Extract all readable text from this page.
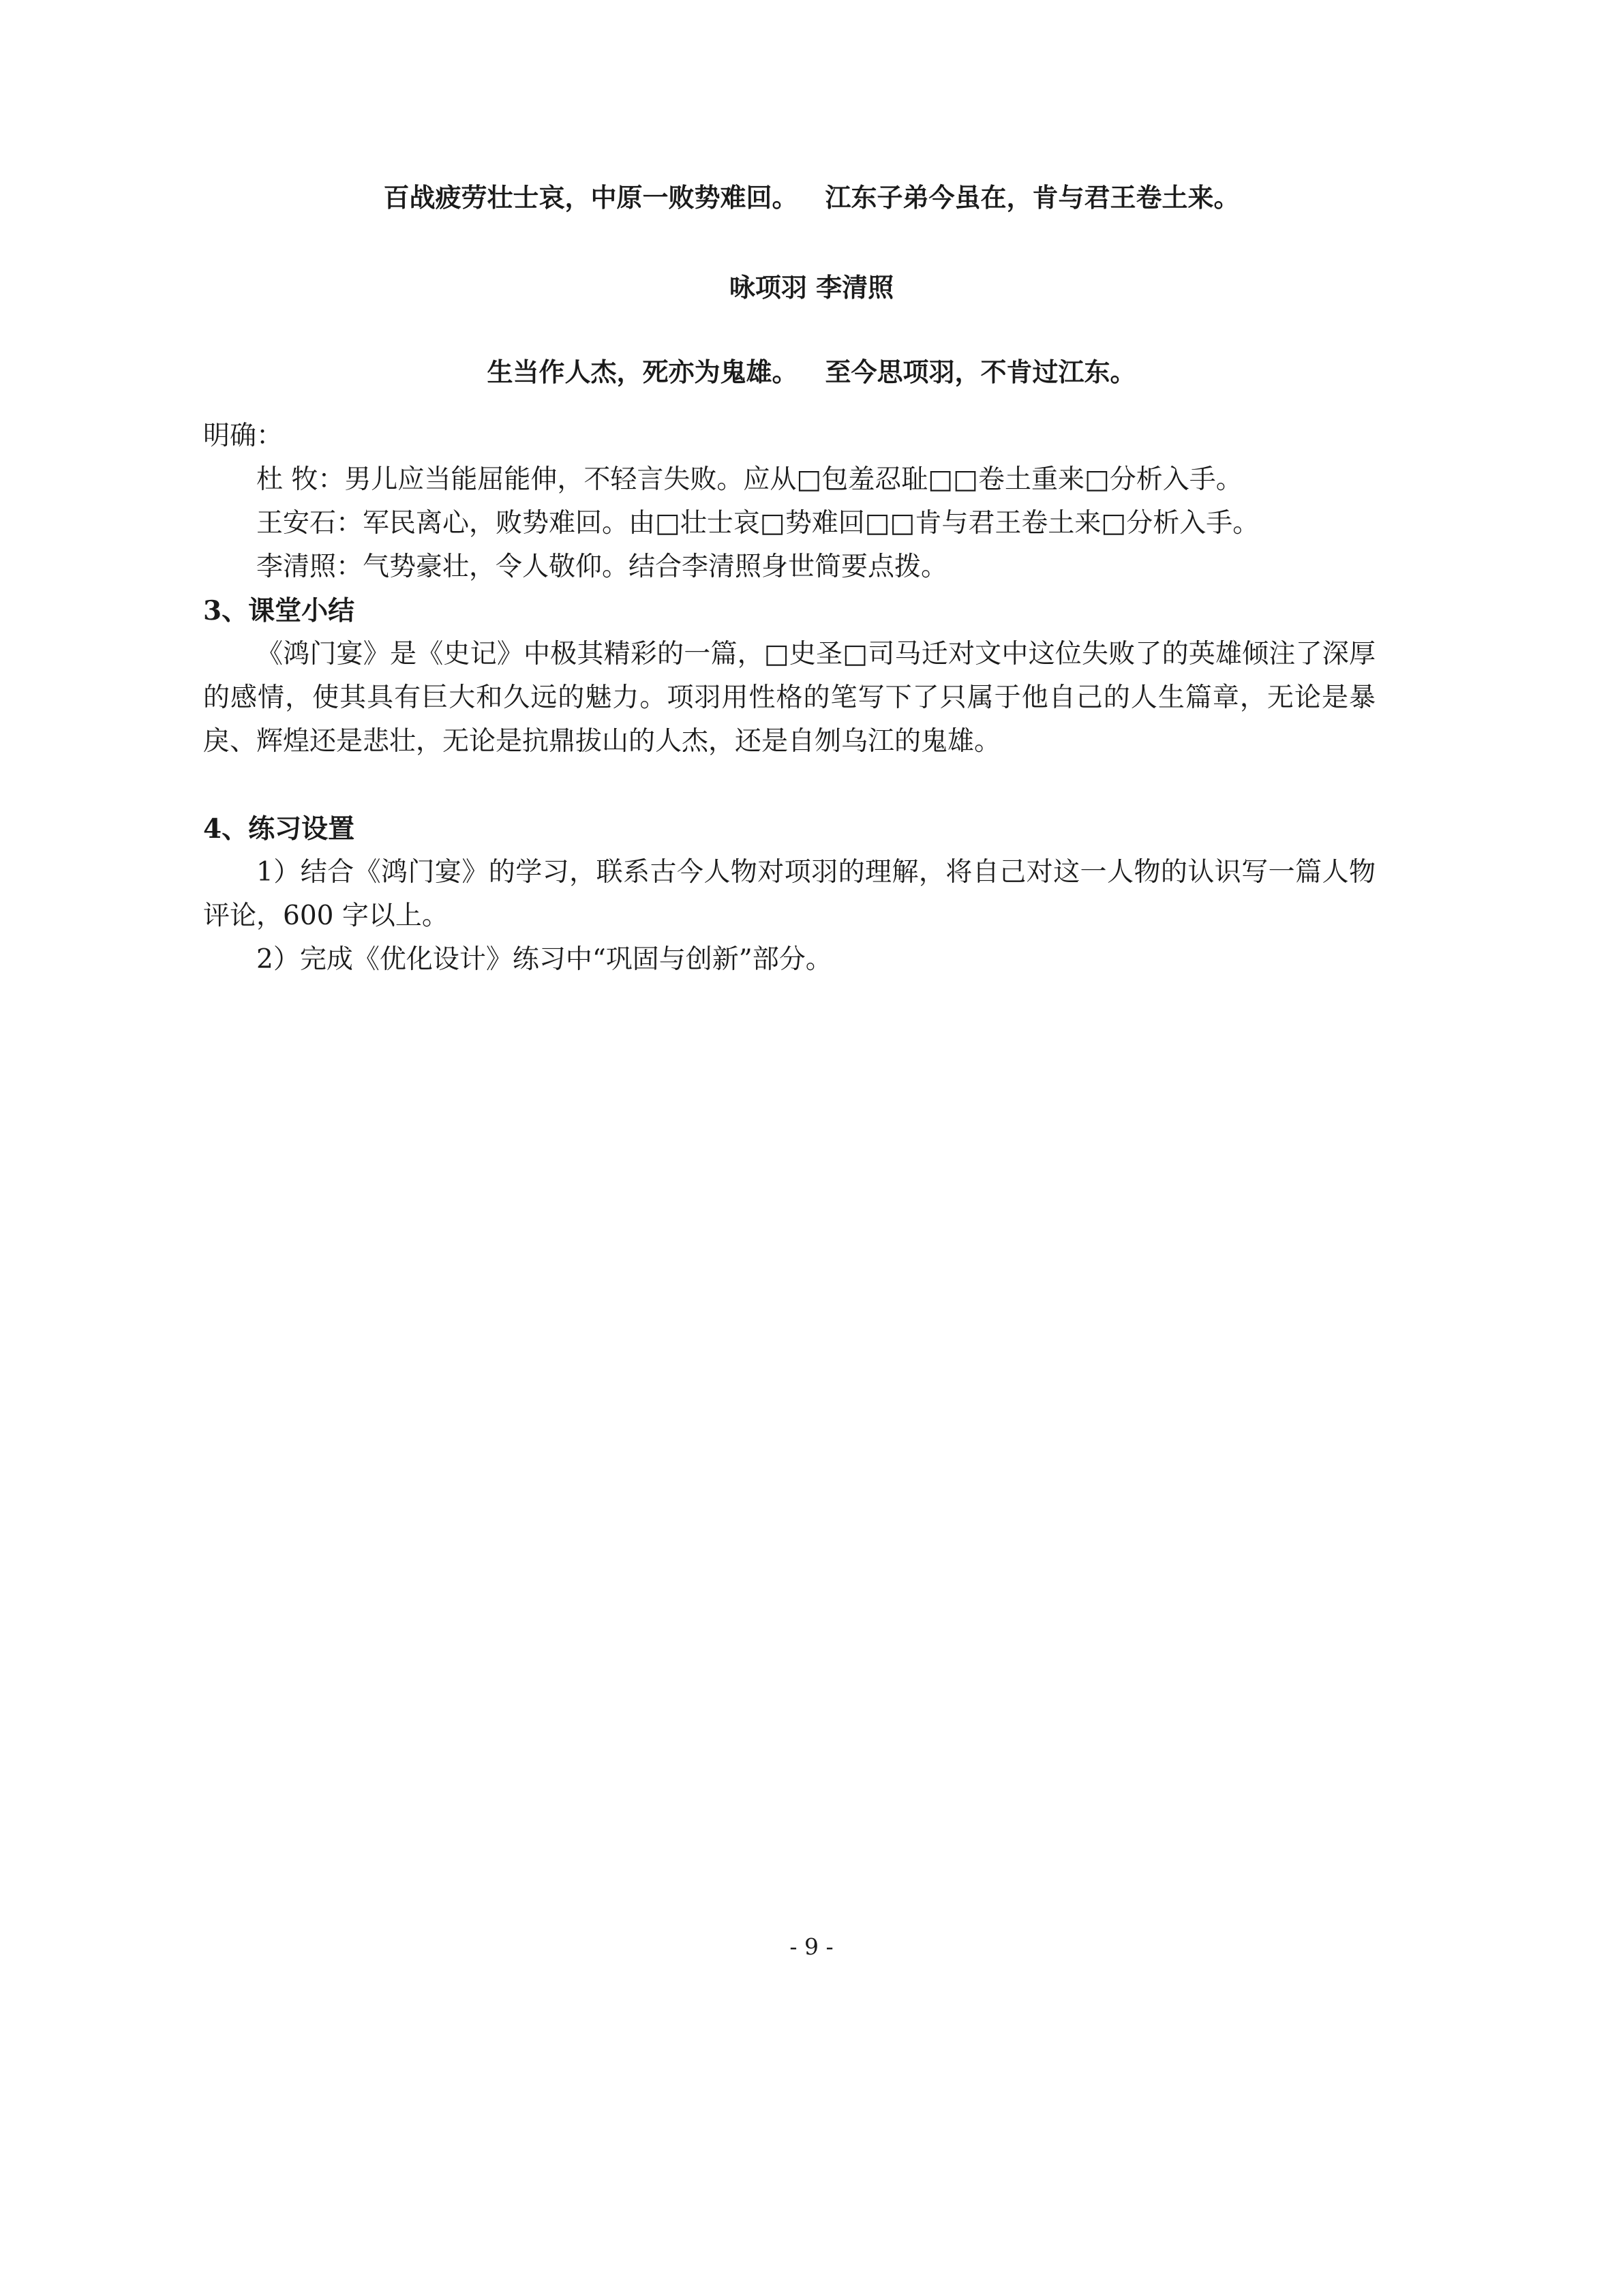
百战疲劳壮士哀，中原一败势难回。 江东子弟今虽在，肯与君王卷土来。
咏项羽 李清照
生当作人杰，死亦为鬼雄。 至今思项羽，不肯过江东。

明确：

杜 牧：男儿应当能屈能伸，不轻言失败。应从□包羞忍耻□□卷土重来□分析入手。

王安石：军民离心，败势难回。由□壮士哀□势难回□□肯与君王卷土来□分析入手。

李清照：气势豪壮，令人敬仰。结合李清照身世简要点拨。

3、课堂小结

《鸿门宴》是《史记》中极其精彩的一篇，□史圣□司马迁对文中这位失败了的英雄倾注了深厚的感情，使其具有巨大和久远的魅力。项羽用性格的笔写下了只属于他自己的人生篇章，无论是暴戾、辉煌还是悲壮，无论是抗鼎拔山的人杰，还是自刎乌江的鬼雄。

4、练习设置

1）结合《鸿门宴》的学习，联系古今人物对项羽的理解，将自己对这一人物的认识写一篇人物评论，600 字以上。

2）完成《优化设计》练习中“巩固与创新”部分。

- 9 -
